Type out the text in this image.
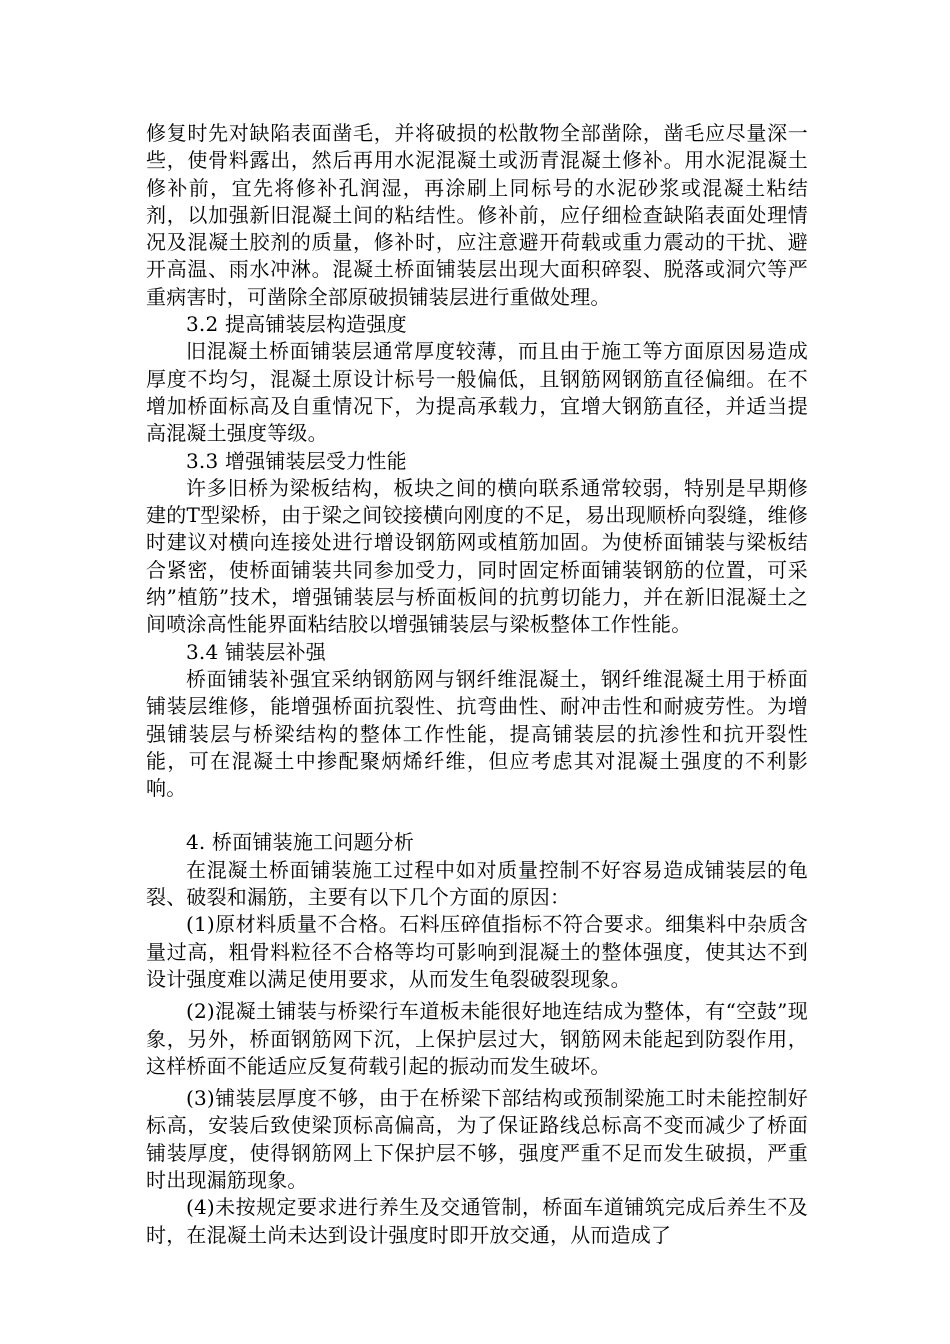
修复时先对缺陷表面凿毛，并将破损的松散物全部凿除，凿毛应尽量深一些，使骨料露出，然后再用水泥混凝土或沥青混凝土修补。用水泥混凝土修补前，宜先将修补孔润湿，再涂刷上同标号的水泥砂浆或混凝土粘结剂，以加强新旧混凝土间的粘结性。修补前，应仔细检查缺陷表面处理情况及混凝土胶剂的质量，修补时，应注意避开荷载或重力震动的干扰、避开高温、雨水冲淋。混凝土桥面铺装层出现大面积碎裂、脱落或洞穴等严重病害时，可凿除全部原破损铺装层进行重做处理。

3.2 提高铺装层构造强度

旧混凝土桥面铺装层通常厚度较薄，而且由于施工等方面原因易造成厚度不均匀，混凝土原设计标号一般偏低，且钢筋网钢筋直径偏细。在不增加桥面标高及自重情况下，为提高承载力，宜增大钢筋直径，并适当提高混凝土强度等级。

3.3 增强铺装层受力性能

许多旧桥为梁板结构，板块之间的横向联系通常较弱，特别是早期修建的T型梁桥，由于梁之间铰接横向刚度的不足，易出现顺桥向裂缝，维修时建议对横向连接处进行增设钢筋网或植筋加固。为使桥面铺装与梁板结合紧密，使桥面铺装共同参加受力，同时固定桥面铺装钢筋的位置，可采纳”植筋”技术，增强铺装层与桥面板间的抗剪切能力，并在新旧混凝土之间喷涂高性能界面粘结胶以增强铺装层与梁板整体工作性能。

3.4 铺装层补强

桥面铺装补强宜采纳钢筋网与钢纤维混凝土，钢纤维混凝土用于桥面铺装层维修，能增强桥面抗裂性、抗弯曲性、耐冲击性和耐疲劳性。为增强铺装层与桥梁结构的整体工作性能，提高铺装层的抗渗性和抗开裂性能，可在混凝土中掺配聚炳烯纤维，但应考虑其对混凝土强度的不利影响。

4. 桥面铺装施工问题分析

在混凝土桥面铺装施工过程中如对质量控制不好容易造成铺装层的龟裂、破裂和漏筋，主要有以下几个方面的原因：

(1)原材料质量不合格。石料压碎值指标不符合要求。细集料中杂质含量过高，粗骨料粒径不合格等均可影响到混凝土的整体强度，使其达不到设计强度难以满足使用要求，从而发生龟裂破裂现象。

(2)混凝土铺装与桥梁行车道板未能很好地连结成为整体，有“空鼓”现象，另外，桥面钢筋网下沉，上保护层过大，钢筋网未能起到防裂作用，这样桥面不能适应反复荷载引起的振动而发生破坏。

(3)铺装层厚度不够，由于在桥梁下部结构或预制梁施工时未能控制好标高，安装后致使梁顶标高偏高，为了保证路线总标高不变而减少了桥面铺装厚度，使得钢筋网上下保护层不够，强度严重不足而发生破损，严重时出现漏筋现象。

(4)未按规定要求进行养生及交通管制，桥面车道铺筑完成后养生不及时，在混凝土尚未达到设计强度时即开放交通，从而造成了
